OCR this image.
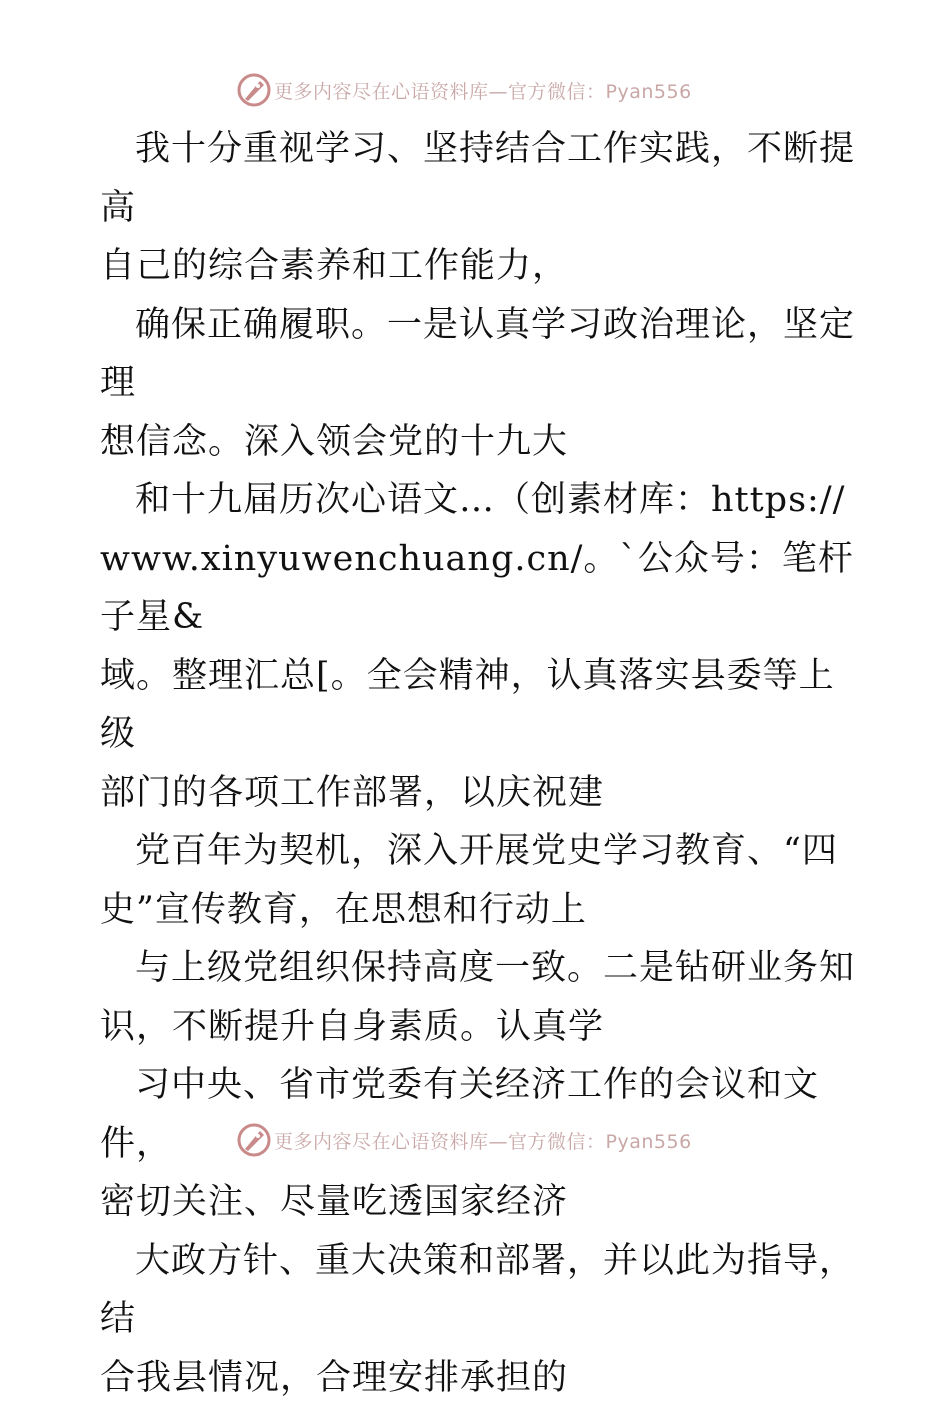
更多内容尽在心语资料库—官方微信：Pyan556

我十分重视学习、坚持结合工作实践，不断提高

自己的综合素养和工作能力，

确保正确履职。一是认真学习政治理论，坚定理

想信念。深入领会党的十九大

和十九届历次心语文…（创素材库：https://

www.xinyuwenchuang.cn/。`公众号：笔杆子星&

域。整理汇总[。全会精神，认真落实县委等上级

部门的各项工作部署，以庆祝建

党百年为契机，深入开展党史学习教育、“四

史”宣传教育，在思想和行动上

与上级党组织保持高度一致。二是钻研业务知

识，不断提升自身素质。认真学

习中央、省市党委有关经济工作的会议和文件，

密切关注、尽量吃透国家经济

大政方针、重大决策和部署，并以此为指导，结

合我县情况，合理安排承担的

更多内容尽在心语资料库—官方微信：Pyan556
